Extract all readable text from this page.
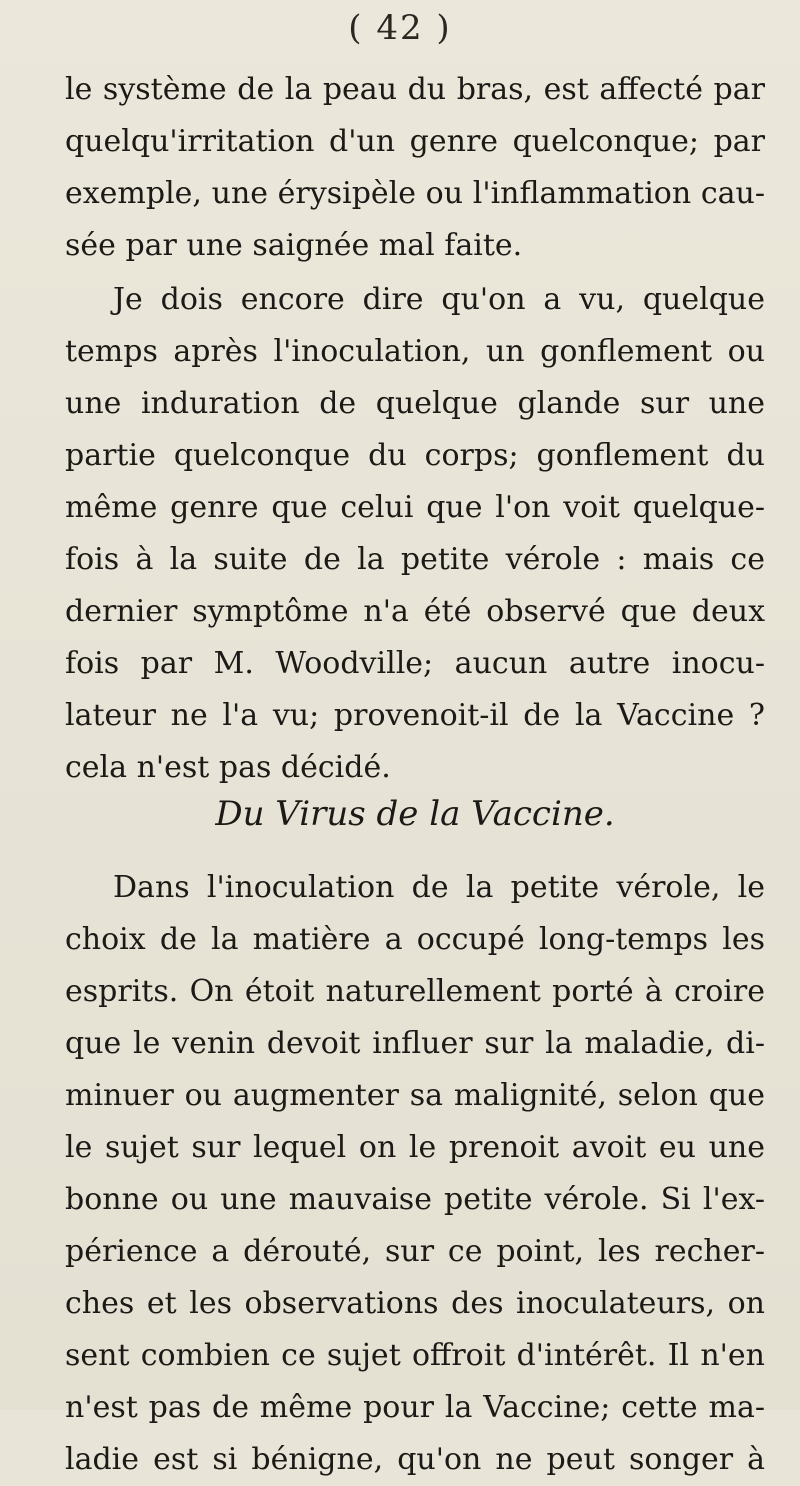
( 42 )
le système de la peau du bras, est affecté par
quelqu'irritation d'un genre quelconque; par
exemple, une érysipèle ou l'inflammation cau-
sée par une saignée mal faite.
Je dois encore dire qu'on a vu, quelque
temps après l'inoculation, un gonflement ou
une induration de quelque glande sur une
partie quelconque du corps; gonflement du
même genre que celui que l'on voit quelque-
fois à la suite de la petite vérole : mais ce
dernier symptôme n'a été observé que deux
fois par M. Woodville; aucun autre inocu-
lateur ne l'a vu; provenoit-il de la Vaccine ?
cela n'est pas décidé.
Du Virus de la Vaccine.
Dans l'inoculation de la petite vérole, le
choix de la matière a occupé long-temps les
esprits. On étoit naturellement porté à croire
que le venin devoit influer sur la maladie, di-
minuer ou augmenter sa malignité, selon que
le sujet sur lequel on le prenoit avoit eu une
bonne ou une mauvaise petite vérole. Si l'ex-
périence a dérouté, sur ce point, les recher-
ches et les observations des inoculateurs, on
sent combien ce sujet offroit d'intérêt. Il n'en
n'est pas de même pour la Vaccine; cette ma-
ladie est si bénigne, qu'on ne peut songer à
